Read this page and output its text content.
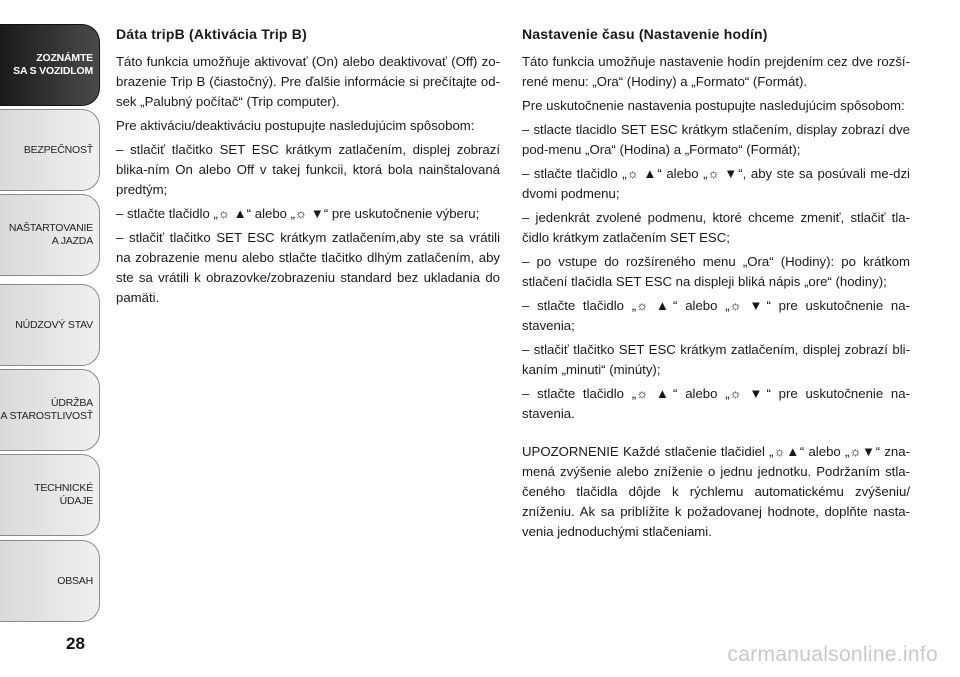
ZOZNÁMTE
SA S VOZIDLOM
BEZPEČNOSŤ
NAŠTARTOVANIE
A JAZDA
NÚDZOVÝ STAV
ÚDRŽBA
A STAROSTLIVOSŤ
TECHNICKÉ
ÚDAJE
OBSAH
28
Dáta tripB (Aktivácia Trip B)

Táto funkcia umožňuje aktivovať (On) alebo deaktivovať (Off) zo-brazenie Trip B (čiastočný). Pre ďalšie informácie si prečítajte od-sek „Palubný počítač“ (Trip computer).

Pre aktiváciu/deaktiváciu postupujte nasledujúcim spôsobom:

– stlačiť tlačitko SET ESC krátkym zatlačením, displej zobrazí blika-ním On alebo Off v takej funkcii, ktorá bola nainštalovaná predtým;

– stlačte tlačidlo „☼ ▲“ alebo „☼ ▼“ pre uskutočnenie výberu;

– stlačiť tlačitko SET ESC krátkym zatlačením,aby ste sa vrátili na zobrazenie menu alebo stlačte tlačitko dlhým zatlačením, aby ste sa vrátili k obrazovke/zobrazeniu standard bez ukladania do pamäti.

Nastavenie času (Nastavenie hodín)

Táto funkcia umožňuje nastavenie hodín prejdením cez dve rozší-rené menu: „Ora“ (Hodiny) a „Formato“ (Formát).

Pre uskutočnenie nastavenia postupujte nasledujúcim spôsobom:

– stlacte tlacidlo SET ESC krátkym stlačením, display zobrazí dve pod-menu „Ora“ (Hodina) a „Formato“ (Formát);

– stlačte tlačidlo „☼ ▲“ alebo „☼ ▼“, aby ste sa posúvali me-dzi dvomi podmenu;

– jedenkrát zvolené podmenu, ktoré chceme zmeniť, stlačiť tla-čidlo krátkym zatlačením SET ESC;

– po vstupe do rozšíreného menu „Ora“ (Hodiny): po krátkom stlačení tlačidla SET ESC na displeji bliká nápis „ore“ (hodiny);

– stlačte tlačidlo „☼ ▲“ alebo „☼ ▼“ pre uskutočnenie na-stavenia;

– stlačiť tlačitko SET ESC krátkym zatlačením, displej zobrazí bli-kaním „minuti“ (minúty);

– stlačte tlačidlo „☼ ▲“ alebo „☼ ▼“ pre uskutočnenie na-stavenia.

UPOZORNENIE Každé stlačenie tlačidiel „☼▲“ alebo „☼▼“ zna-mená zvýšenie alebo zníženie o jednu jednotku. Podržaním stla-čeného tlačidla dôjde k rýchlemu automatickému zvýšeniu/ zníženiu. Ak sa priblížite k požadovanej hodnote, doplňte nasta-venia jednoduchými stlačeniami.

carmanualsonline.info
